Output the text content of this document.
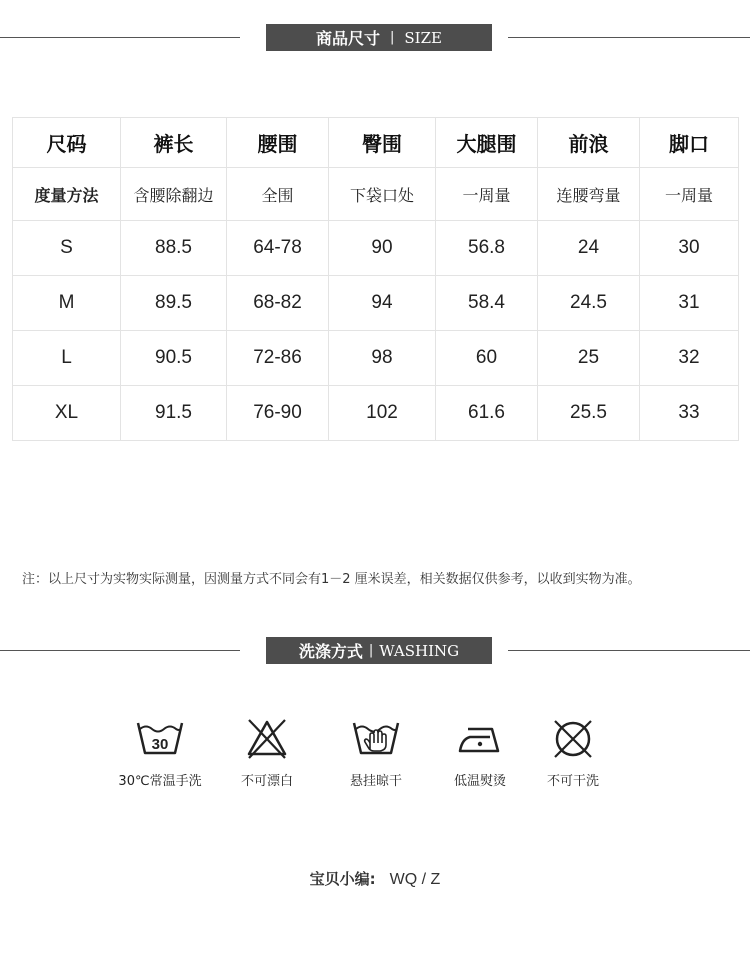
商品尺寸 | SIZE
尺码	裤长	腰围	臀围	大腿围	前浪	脚口
度量方法	含腰除翻边	全围	下袋口处	一周量	连腰弯量	一周量
S	88.5	64-78	90	56.8	24	30
M	89.5	68-82	94	58.4	24.5	31
L	90.5	72-86	98	60	25	32
XL	91.5	76-90	102	61.6	25.5	33
注：以上尺寸为实物实际测量，因测量方式不同会有1－2 厘米误差，相关数据仅供参考，以收到实物为准。
洗涤方式 | WASHING
30
30℃常温手洗	不可漂白	悬挂晾干	低温熨烫	不可干洗
宝贝小编: WQ / Z
